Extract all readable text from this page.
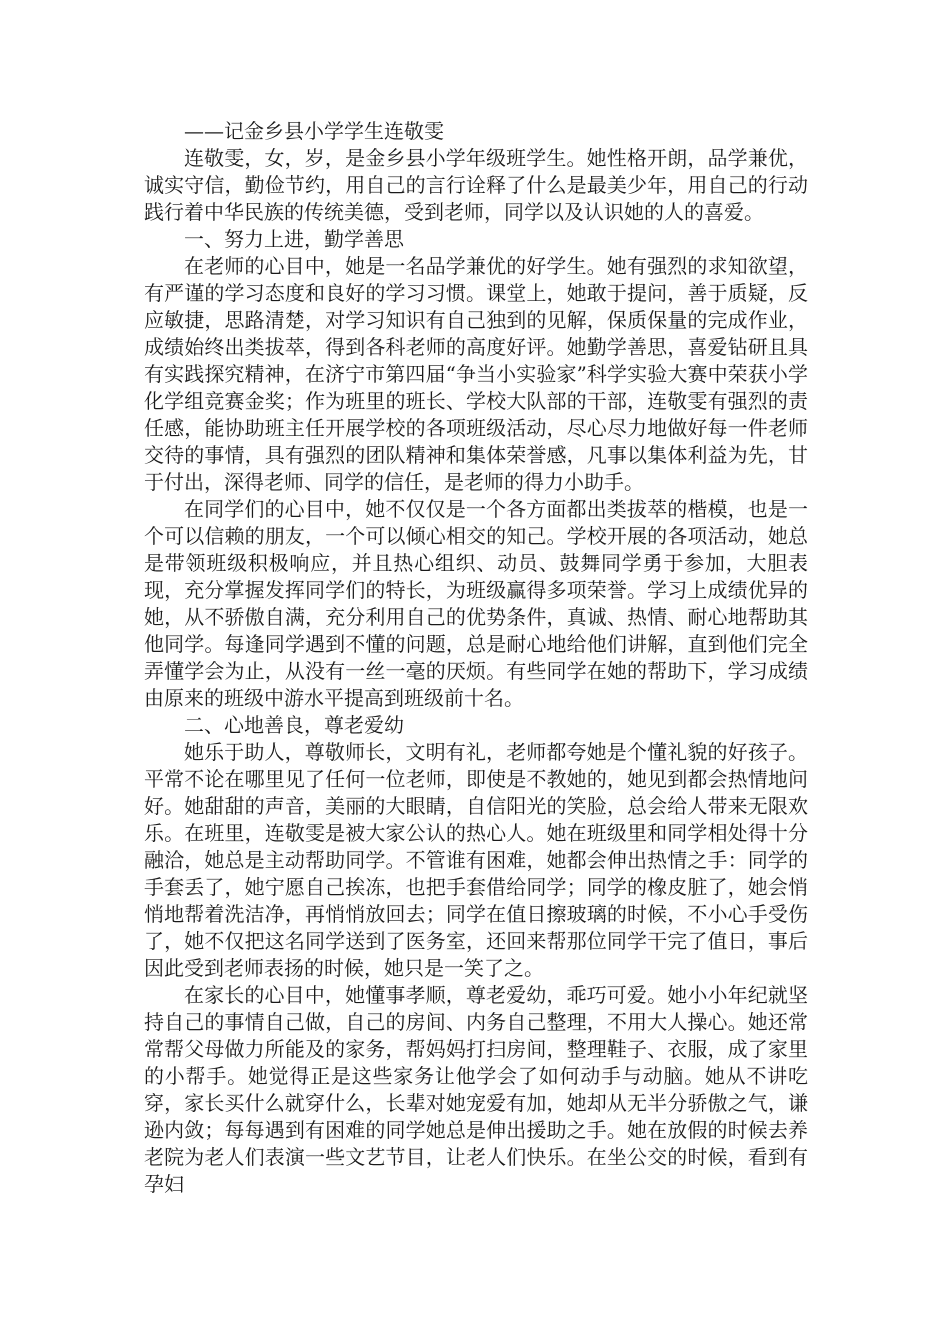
——记金乡县小学学生连敬雯

连敬雯，女，岁，是金乡县小学年级班学生。她性格开朗，品学兼优，诚实守信，勤俭节约，用自己的言行诠释了什么是最美少年，用自己的行动践行着中华民族的传统美德，受到老师，同学以及认识她的人的喜爱。

一、努力上进，勤学善思

在老师的心目中，她是一名品学兼优的好学生。她有强烈的求知欲望，有严谨的学习态度和良好的学习习惯。课堂上，她敢于提问，善于质疑，反应敏捷，思路清楚，对学习知识有自己独到的见解，保质保量的完成作业，成绩始终出类拔萃，得到各科老师的高度好评。她勤学善思，喜爱钻研且具有实践探究精神，在济宁市第四届“争当小实验家”科学实验大赛中荣获小学化学组竞赛金奖；作为班里的班长、学校大队部的干部，连敬雯有强烈的责任感，能协助班主任开展学校的各项班级活动，尽心尽力地做好每一件老师交待的事情，具有强烈的团队精神和集体荣誉感，凡事以集体利益为先，甘于付出，深得老师、同学的信任，是老师的得力小助手。

在同学们的心目中，她不仅仅是一个各方面都出类拔萃的楷模，也是一个可以信赖的朋友，一个可以倾心相交的知己。学校开展的各项活动，她总是带领班级积极响应，并且热心组织、动员、鼓舞同学勇于参加，大胆表现，充分掌握发挥同学们的特长，为班级赢得多项荣誉。学习上成绩优异的她，从不骄傲自满，充分利用自己的优势条件，真诚、热情、耐心地帮助其他同学。每逢同学遇到不懂的问题，总是耐心地给他们讲解，直到他们完全弄懂学会为止，从没有一丝一毫的厌烦。有些同学在她的帮助下，学习成绩由原来的班级中游水平提高到班级前十名。

二、心地善良，尊老爱幼

她乐于助人，尊敬师长，文明有礼，老师都夸她是个懂礼貌的好孩子。平常不论在哪里见了任何一位老师，即使是不教她的，她见到都会热情地问好。她甜甜的声音，美丽的大眼睛，自信阳光的笑脸，总会给人带来无限欢乐。在班里，连敬雯是被大家公认的热心人。她在班级里和同学相处得十分融洽，她总是主动帮助同学。不管谁有困难，她都会伸出热情之手：同学的手套丢了，她宁愿自己挨冻，也把手套借给同学；同学的橡皮脏了，她会悄悄地帮着洗洁净，再悄悄放回去；同学在值日擦玻璃的时候，不小心手受伤了，她不仅把这名同学送到了医务室，还回来帮那位同学干完了值日，事后因此受到老师表扬的时候，她只是一笑了之。

在家长的心目中，她懂事孝顺，尊老爱幼，乖巧可爱。她小小年纪就坚持自己的事情自己做，自己的房间、内务自己整理，不用大人操心。她还常常帮父母做力所能及的家务，帮妈妈打扫房间，整理鞋子、衣服，成了家里的小帮手。她觉得正是这些家务让他学会了如何动手与动脑。她从不讲吃穿，家长买什么就穿什么，长辈对她宠爱有加，她却从无半分骄傲之气，谦逊内敛；每每遇到有困难的同学她总是伸出援助之手。她在放假的时候去养老院为老人们表演一些文艺节目，让老人们快乐。在坐公交的时候，看到有孕妇
